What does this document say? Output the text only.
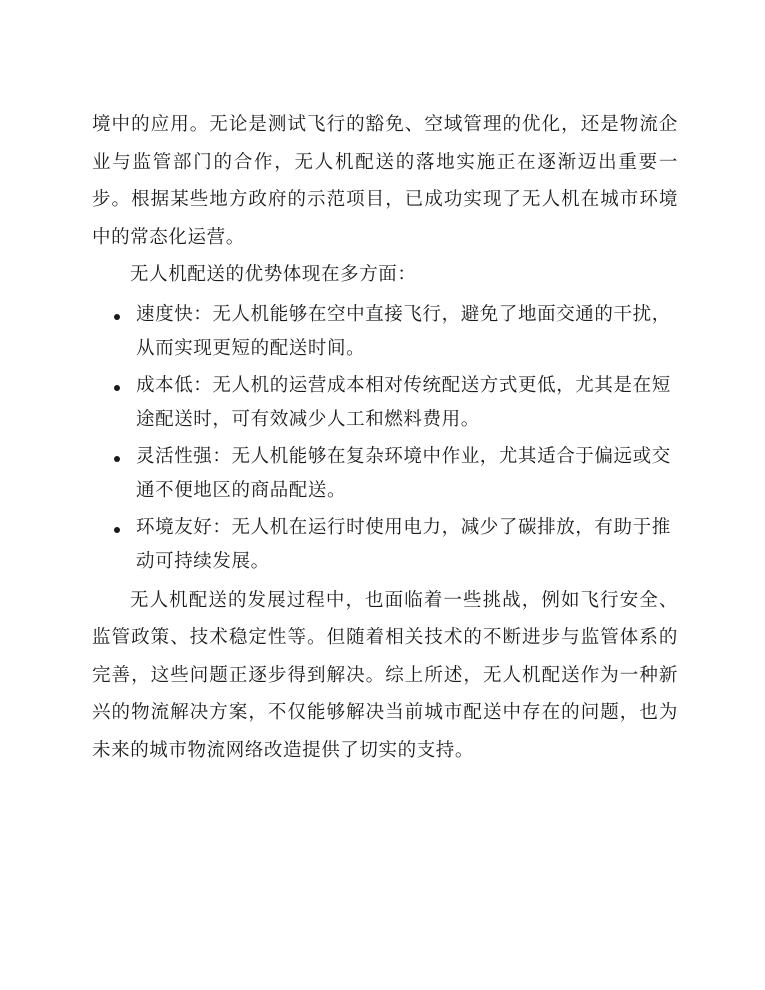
境中的应用。无论是测试飞行的豁免、空域管理的优化，还是物流企业与监管部门的合作，无人机配送的落地实施正在逐渐迈出重要一步。根据某些地方政府的示范项目，已成功实现了无人机在城市环境中的常态化运营。

无人机配送的优势体现在多方面：

速度快：无人机能够在空中直接飞行，避免了地面交通的干扰，从而实现更短的配送时间。
成本低：无人机的运营成本相对传统配送方式更低，尤其是在短途配送时，可有效减少人工和燃料费用。
灵活性强：无人机能够在复杂环境中作业，尤其适合于偏远或交通不便地区的商品配送。
环境友好：无人机在运行时使用电力，减少了碳排放，有助于推动可持续发展。

无人机配送的发展过程中，也面临着一些挑战，例如飞行安全、监管政策、技术稳定性等。但随着相关技术的不断进步与监管体系的完善，这些问题正逐步得到解决。综上所述，无人机配送作为一种新兴的物流解决方案，不仅能够解决当前城市配送中存在的问题，也为未来的城市物流网络改造提供了切实的支持。
